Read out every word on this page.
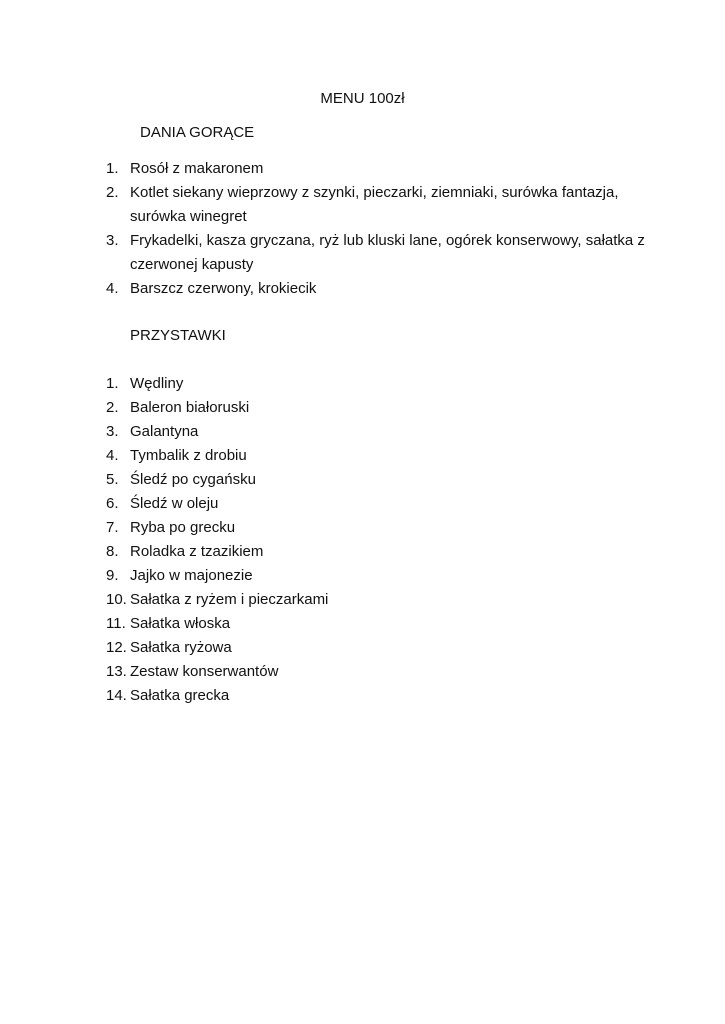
MENU 100zł
DANIA GORĄCE
1. Rosół z makaronem
2. Kotlet siekany wieprzowy z szynki, pieczarki, ziemniaki, surówka fantazja, surówka winegret
3. Frykadelki, kasza gryczana, ryż lub kluski lane, ogórek konserwowy, sałatka z czerwonej kapusty
4. Barszcz czerwony, krokiecik
PRZYSTAWKI
1. Wędliny
2. Baleron białoruski
3. Galantyna
4. Tymbalik z drobiu
5. Śledź po cygańsku
6. Śledź w oleju
7. Ryba po grecku
8. Roladka z tzazikiem
9. Jajko w majonezie
10. Sałatka z ryżem i pieczarkami
11. Sałatka włoska
12. Sałatka ryżowa
13. Zestaw konserwantów
14. Sałatka grecka
